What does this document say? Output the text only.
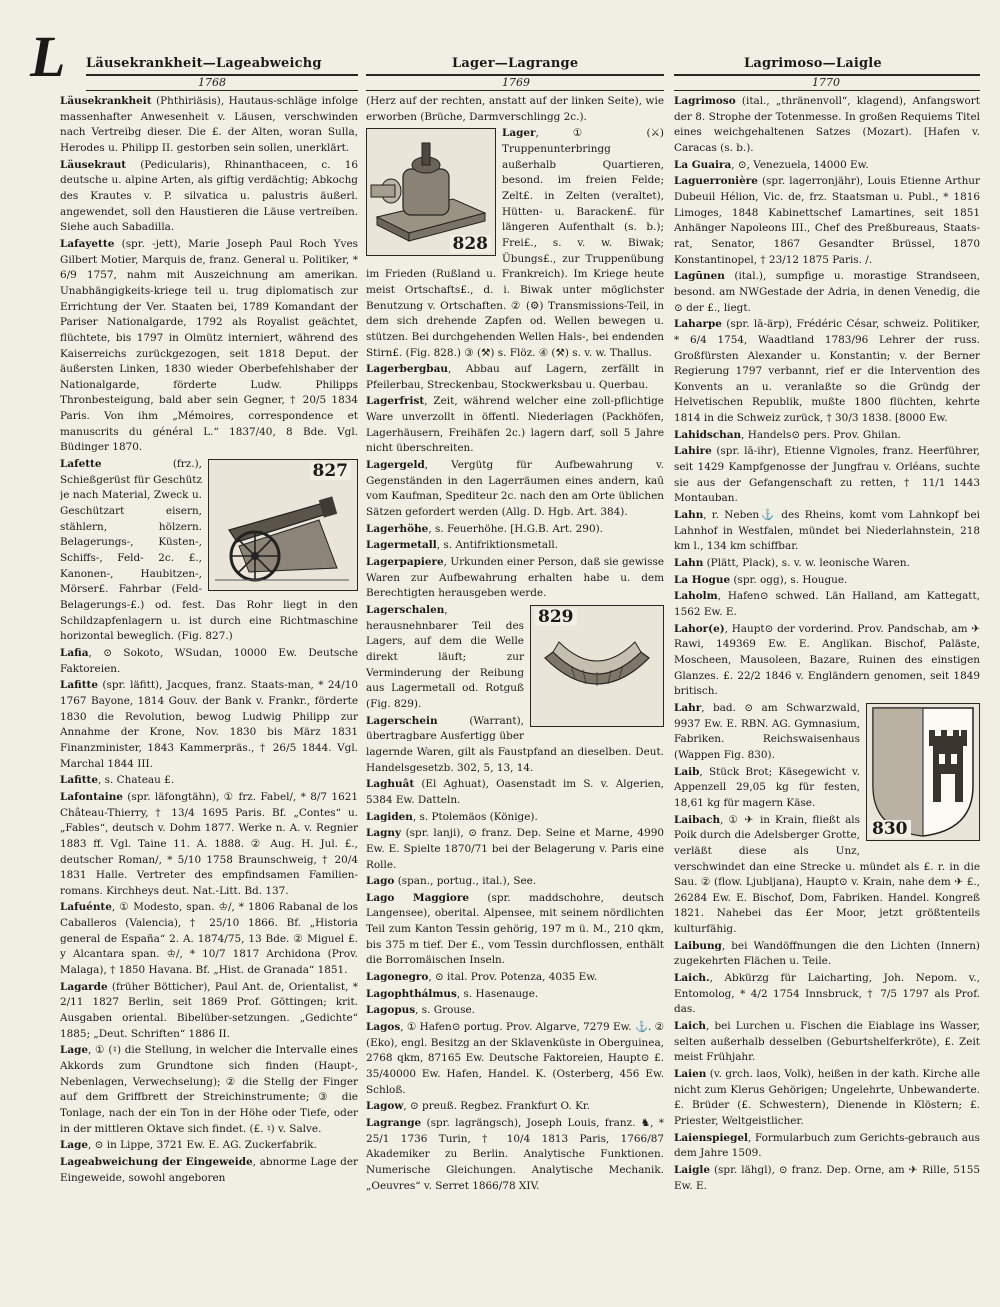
L Läusekrankheit—Lageabweichg	Lager—Lagrange	Lagrimoso—Laigle
1768	1769	1770
Läusekrankheit (Phthiriäsis), Hautaus-schläge infolge massenhafter Anwesenheit v. Läusen, verschwinden nach Vertreibg dieser. Die £. der Alten, woran Sulla, Herodes u. Philipp II. gestorben sein sollen, unerklärt.
Läusekraut (Pedicularis), Rhinanthaceen, c. 16 deutsche u. alpine Arten, als giftig verdächtig; Abkochg des Krautes v. P. silvatica u. palustris äußerl. angewendet, soll den Haustieren die Läuse vertreiben. Siehe auch Sabadilla.
Lafayette (spr. -jett), Marie Joseph Paul Roch Yves Gilbert Motier, Marquis de, franz. General u. Politiker, * 6/9 1757, nahm mit Auszeichnung am amerikan. Unabhängigkeits-kriege teil u. trug diplomatisch zur Errichtung der Ver. Staaten bei, 1789 Komandant der Pariser Nationalgarde, 1792 als Royalist geächtet, flüchtete, bis 1797 in Olmütz interniert, während des Kaiserreichs zurückgezogen, seit 1818 Deput. der äußersten Linken, 1830 wieder Oberbefehlshaber der Nationalgarde, förderte Ludw. Philipps Thronbesteigung, bald aber sein Gegner, † 20/5 1834 Paris. Von ihm „Mémoires, correspondence et manuscrits du général L.“ 1837/40, 8 Bde. Vgl. Büdinger 1870.
827
Lafette (frz.), Schießgerüst für Geschütz je nach Material, Zweck u. Geschützart eisern, stählern, hölzern. Belagerungs-, Küsten-, Schiffs-, Feld- 2c. £., Kanonen-, Haubitzen-, Mörser£. Fahrbar (Feld-Belagerungs-£.) od. fest. Das Rohr liegt in den Schildzapfenlagern u. ist durch eine Richtmaschine horizontal beweglich. (Fig. 827.)
Lafia, ⊙ Sokoto, WSudan, 10000 Ew. Deutsche Faktoreien.
Lafitte (spr. läfitt), Jacques, franz. Staats-man, * 24/10 1767 Bayone, 1814 Gouv. der Bank v. Frankr., förderte 1830 die Revolution, bewog Ludwig Philipp zur Annahme der Krone, Nov. 1830 bis März 1831 Finanzminister, 1843 Kammerpräs., † 26/5 1844. Vgl. Marchal 1844 III.
Lafitte, s. Chateau £.
Lafontaine (spr. läfongtähn), ① frz. Fabel/, * 8/7 1621 Château-Thierry, † 13/4 1695 Paris. Bf. „Contes“ u. „Fables“, deutsch v. Dohm 1877. Werke n. A. v. Regnier 1883 ff. Vgl. Taine 11. A. 1888. ② Aug. H. Jul. £., deutscher Roman/, * 5/10 1758 Braunschweig, † 20/4 1831 Halle. Vertreter des empfindsamen Familien-romans. Kirchheys deut. Nat.-Litt. Bd. 137.
Lafuénte, ① Modesto, span. ♔/, * 1806 Rabanal de los Caballeros (Valencia), † 25/10 1866. Bf. „Historia general de España“ 2. A. 1874/75, 13 Bde. ② Miguel £. y Alcantara span. ♔/, * 10/7 1817 Archidona (Prov. Malaga), † 1850 Havana. Bf. „Hist. de Granada“ 1851.
Lagarde (früher Bötticher), Paul Ant. de, Orientalist, * 2/11 1827 Berlin, seit 1869 Prof. Göttingen; krit. Ausgaben oriental. Bibelüber-setzungen. „Gedichte“ 1885; „Deut. Schriften“ 1886 II.
Lage, ① (♮) die Stellung, in welcher die Intervalle eines Akkords zum Grundtone sich finden (Haupt-, Nebenlagen, Verwechselung); ② die Stellg der Finger auf dem Griffbrett der Streichinstrumente; ③ die Tonlage, nach der ein Ton in der Höhe oder Tiefe, oder in der mittleren Oktave sich findet. (£. ♮) v. Salve.
Lage, ⊙ in Lippe, 3721 Ew. E. AG. Zuckerfabrik.
Lageabweichung der Eingeweide, abnorme Lage der Eingeweide, sowohl angeboren
(Herz auf der rechten, anstatt auf der linken Seite), wie erworben (Brüche, Darmverschlingg 2c.).
828
Lager, ① (⚔) Truppenunterbringg außerhalb Quartieren, besond. im freien Felde; Zelt£. in Zelten (veraltet), Hütten- u. Baracken£. für längeren Aufenthalt (s. b.); Frei£., s. v. w. Biwak; Übungs£., zur Truppenübung im Frieden (Rußland u. Frankreich). Im Kriege heute meist Ortschafts£., d. i. Biwak unter möglichster Benutzung v. Ortschaften. ② (⚙) Transmissions-Teil, in dem sich drehende Zapfen od. Wellen bewegen u. stützen. Bei durchgehenden Wellen Hals-, bei endenden Stirn£. (Fig. 828.) ③ (⚒) s. Flöz. ④ (⚒) s. v. w. Thallus.
Lagerbergbau, Abbau auf Lagern, zerfällt in Pfeilerbau, Streckenbau, Stockwerksbau u. Querbau.
Lagerfrist, Zeit, während welcher eine zoll-pflichtige Ware unverzollt in öffentl. Niederlagen (Packhöfen, Lagerhäusern, Freihäfen 2c.) lagern darf, soll 5 Jahre nicht überschreiten.
Lagergeld, Vergütg für Aufbewahrung v. Gegenständen in den Lagerräumen eines andern, kaū vom Kaufman, Spediteur 2c. nach den am Orte üblichen Sätzen gefordert werden (Allg. D. Hgb. Art. 384).
Lagerhöhe, s. Feuerhöhe. [H.G.B. Art. 290).
Lagermetall, s. Antifriktionsmetall.
Lagerpapiere, Urkunden einer Person, daß sie gewisse Waren zur Aufbewahrung erhalten habe u. dem Berechtigten herausgeben werde.
829
Lagerschalen, herausnehnbarer Teil des Lagers, auf dem die Welle direkt läuft; zur Verminderung der Reibung aus Lagermetall od. Rotguß (Fig. 829).
Lagerschein (Warrant), übertragbare Ausfertigg über lagernde Waren, gilt als Faustpfand an dieselben. Deut. Handelsgesetzb. 302, 5, 13, 14.
Laghuât (El Aghuat), Oasenstadt im S. v. Algerien, 5384 Ew. Datteln.
Lagiden, s. Ptolemäos (Könige).
Lagny (spr. lanji), ⊙ franz. Dep. Seine et Marne, 4990 Ew. E. Spielte 1870/71 bei der Belagerung v. Paris eine Rolle.
Lago (span., portug., ital.), See.
Lago Maggiore (spr. maddschohre, deutsch Langensee), oberital. Alpensee, mit seinem nördlichten Teil zum Kanton Tessin gehörig, 197 m ü. M., 210 qkm, bis 375 m tief. Der £., vom Tessin durchflossen, enthält die Borromäischen Inseln.
Lagonegro, ⊙ ital. Prov. Potenza, 4035 Ew.
Lagophthálmus, s. Hasenauge.
Lagopus, s. Grouse.
Lagos, ① Hafen⊙ portug. Prov. Algarve, 7279 Ew. ⚓. ② (Eko), engl. Besitzg an der Sklavenküste in Oberguinea, 2768 qkm, 87165 Ew. Deutsche Faktoreien, Haupt⊙ £. 35/40000 Ew. Hafen, Handel. K. (Osterberg, 456 Ew. Schloß.
Lagow, ⊙ preuß. Regbez. Frankfurt O. Kr.
Lagrange (spr. lagrängsch), Joseph Louis, franz. ♞, * 25/1 1736 Turin, † 10/4 1813 Paris, 1766/87 Akademiker zu Berlin. Analytische Funktionen. Numerische Gleichungen. Analytische Mechanik. „Oeuvres“ v. Serret 1866/78 XIV.
Lagrimoso (ital., „thränenvoll“, klagend), Anfangswort der 8. Strophe der Totenmesse. In großen Requiems Titel eines weichgehaltenen Satzes (Mozart). [Hafen v. Caracas (s. b.).
La Guaira, ⊙, Venezuela, 14000 Ew.
Laguerronière (spr. lagerronjähr), Louis Etienne Arthur Dubeuil Hélion, Vic. de, frz. Staatsman u. Publ., * 1816 Limoges, 1848 Kabinettschef Lamartines, seit 1851 Anhänger Napoleons III., Chef des Preßbureaus, Staats-rat, Senator, 1867 Gesandter Brüssel, 1870 Konstantinopel, † 23/12 1875 Paris. /.
Lagūnen (ital.), sumpfige u. morastige Strandseen, besond. am NWGestade der Adria, in denen Venedig, die ⊙ der £., liegt.
Laharpe (spr. lā-ärp), Frédéric César, schweiz. Politiker, * 6/4 1754, Waadtland 1783/96 Lehrer der russ. Großfürsten Alexander u. Konstantin; v. der Berner Regierung 1797 verbannt, rief er die Intervention des Konvents an u. veranlaßte so die Gründg der Helvetischen Republik, mußte 1800 flüchten, kehrte 1814 in die Schweiz zurück, † 30/3 1838. [8000 Ew.
Lahidschan, Handels⊙ pers. Prov. Ghilan.
Lahire (spr. lā-ihr), Etienne Vignoles, franz. Heerführer, seit 1429 Kampfgenosse der Jungfrau v. Orléans, suchte sie aus der Gefangenschaft zu retten, † 11/1 1443 Montauban.
Lahn, r. Neben⚓ des Rheins, komt vom Lahnkopf bei Lahnhof in Westfalen, mündet bei Niederlahnstein, 218 km l., 134 km schiffbar.
Lahn (Plätt, Plack), s. v. w. leonische Waren.
La Hogue (spr. ogg), s. Hougue.
Laholm, Hafen⊙ schwed. Län Halland, am Kattegatt, 1562 Ew. E.
Lahor(e), Haupt⊙ der vorderind. Prov. Pandschab, am ✈ Rawi, 149369 Ew. E. Anglikan. Bischof, Paläste, Moscheen, Mausoleen, Bazare, Ruinen des einstigen Glanzes. £. 22/2 1846 v. Engländern genomen, seit 1849 britisch.
830
Lahr, bad. ⊙ am Schwarzwald, 9937 Ew. E. RBN. AG. Gymnasium, Fabriken. Reichswaisenhaus (Wappen Fig. 830).
Laib, Stück Brot; Käsegewicht v. Appenzell 29,05 kg für festen, 18,61 kg für magern Käse.
Laibach, ① ✈ in Krain, fließt als Poik durch die Adelsberger Grotte, verläßt diese als Unz, verschwindet dan eine Strecke u. mündet als £. r. in die Sau. ② (flow. Ljubljana), Haupt⊙ v. Krain, nahe dem ✈ £., 26284 Ew. E. Bischof, Dom, Fabriken. Handel. Kongreß 1821. Nahebei das £er Moor, jetzt größtenteils kulturfähig.
Laibung, bei Wandöffnungen die den Lichten (Innern) zugekehrten Flächen u. Teile.
Laich., Abkürzg für Laicharting, Joh. Nepom. v., Entomolog, * 4/2 1754 Innsbruck, † 7/5 1797 als Prof. das.
Laich, bei Lurchen u. Fischen die Eiablage ins Wasser, selten außerhalb desselben (Geburtshelferkröte), £. Zeit meist Frühjahr.
Laien (v. grch. laos, Volk), heißen in der kath. Kirche alle nicht zum Klerus Gehörigen; Ungelehrte, Unbewanderte. £. Brüder (£. Schwestern), Dienende in Klöstern; £. Priester, Weltgeistlicher.
Laienspiegel, Formularbuch zum Gerichts-gebrauch aus dem Jahre 1509.
Laigle (spr. lähgl), ⊙ franz. Dep. Orne, am ✈ Rille, 5155 Ew. E.
